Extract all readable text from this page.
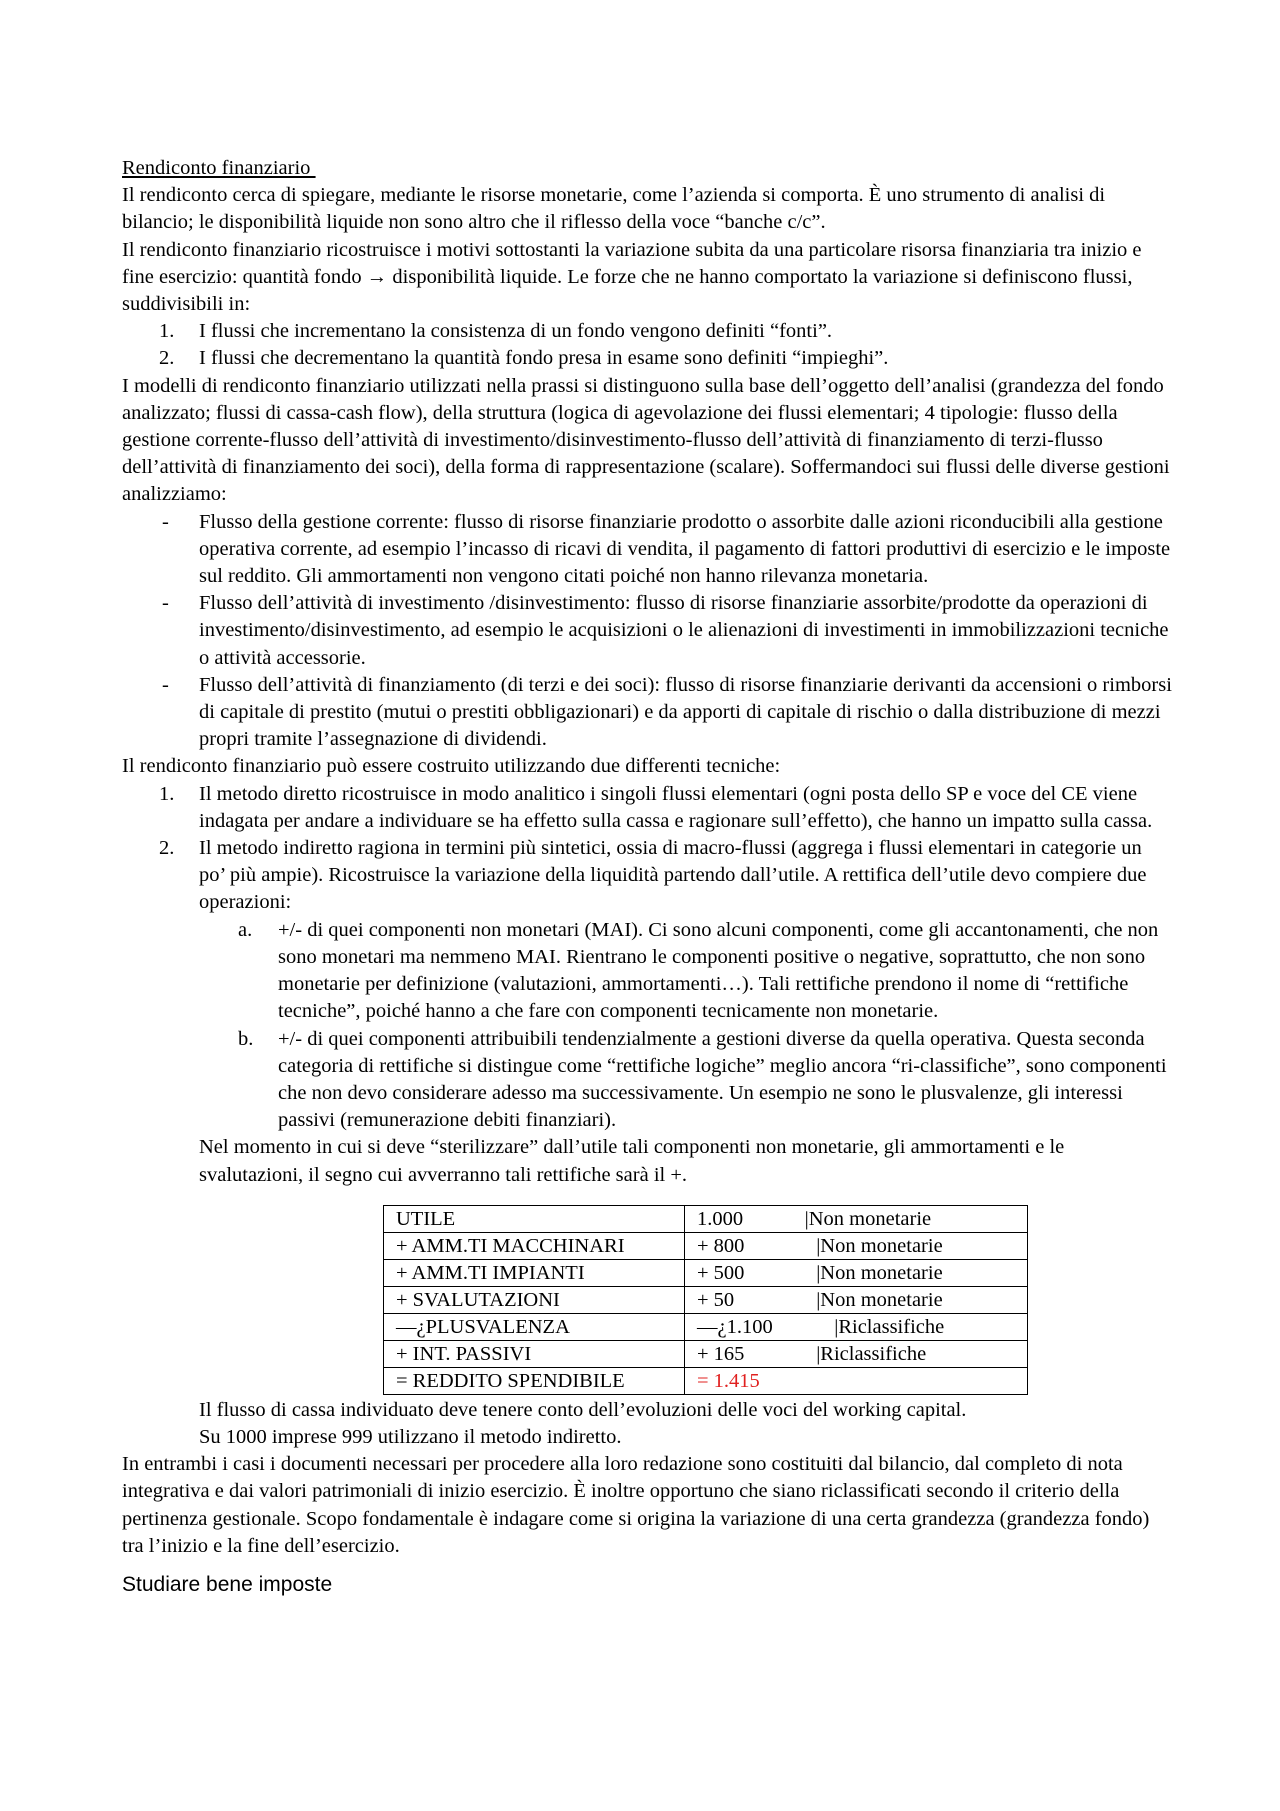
Rendiconto finanziario

Il rendiconto cerca di spiegare, mediante le risorse monetarie, come l’azienda si comporta. È uno strumento di analisi di bilancio; le disponibilità liquide non sono altro che il riflesso della voce “banche c/c”.

Il rendiconto finanziario ricostruisce i motivi sottostanti la variazione subita da una particolare risorsa finanziaria tra inizio e fine esercizio: quantità fondo → disponibilità liquide. Le forze che ne hanno comportato la variazione si definiscono flussi, suddivisibili in:

1. I flussi che incrementano la consistenza di un fondo vengono definiti “fonti”.
2. I flussi che decrementano la quantità fondo presa in esame sono definiti “impieghi”.

I modelli di rendiconto finanziario utilizzati nella prassi si distinguono sulla base dell’oggetto dell’analisi (grandezza del fondo analizzato; flussi di cassa-cash flow), della struttura (logica di agevolazione dei flussi elementari; 4 tipologie: flusso della gestione corrente-flusso dell’attività di investimento/disinvestimento-flusso dell’attività di finanziamento di terzi-flusso dell’attività di finanziamento dei soci), della forma di rappresentazione (scalare). Soffermandoci sui flussi delle diverse gestioni analizziamo:

- Flusso della gestione corrente: flusso di risorse finanziarie prodotto o assorbite dalle azioni riconducibili alla gestione operativa corrente, ad esempio l’incasso di ricavi di vendita, il pagamento di fattori produttivi di esercizio e le imposte sul reddito. Gli ammortamenti non vengono citati poiché non hanno rilevanza monetaria.
- Flusso dell’attività di investimento /disinvestimento: flusso di risorse finanziarie assorbite/prodotte da operazioni di investimento/disinvestimento, ad esempio le acquisizioni o le alienazioni di investimenti in immobilizzazioni tecniche o attività accessorie.
- Flusso dell’attività di finanziamento (di terzi e dei soci): flusso di risorse finanziarie derivanti da accensioni o rimborsi di capitale di prestito (mutui o prestiti obbligazionari) e da apporti di capitale di rischio o dalla distribuzione di mezzi propri tramite l’assegnazione di dividendi.

Il rendiconto finanziario può essere costruito utilizzando due differenti tecniche:

1. Il metodo diretto ricostruisce in modo analitico i singoli flussi elementari (ogni posta dello SP e voce del CE viene indagata per andare a individuare se ha effetto sulla cassa e ragionare sull’effetto), che hanno un impatto sulla cassa.
2. Il metodo indiretto ragiona in termini più sintetici, ossia di macro-flussi (aggrega i flussi elementari in categorie un po’ più ampie). Ricostruisce la variazione della liquidità partendo dall’utile. A rettifica dell’utile devo compiere due operazioni:
a. +/- di quei componenti non monetari (MAI). Ci sono alcuni componenti, come gli accantonamenti, che non sono monetari ma nemmeno MAI. Rientrano le componenti positive o negative, soprattutto, che non sono monetarie per definizione (valutazioni, ammortamenti…). Tali rettifiche prendono il nome di “rettifiche tecniche”, poiché hanno a che fare con componenti tecnicamente non monetarie.
b. +/- di quei componenti attribuibili tendenzialmente a gestioni diverse da quella operativa. Questa seconda categoria di rettifiche si distingue come “rettifiche logiche” meglio ancora “ri-classifiche”, sono componenti che non devo considerare adesso ma successivamente. Un esempio ne sono le plusvalenze, gli interessi passivi (remunerazione debiti finanziari).

Nel momento in cui si deve “sterilizzare” dall’utile tali componenti non monetarie, gli ammortamenti e le svalutazioni, il segno cui avverranno tali rettifiche sarà il +.

UTILE	1.000 |Non monetarie
+ AMM.TI MACCHINARI	+ 800 |Non monetarie
+ AMM.TI IMPIANTI	+ 500 |Non monetarie
+ SVALUTAZIONI	+ 50 |Non monetarie
—¿PLUSVALENZA	—¿1.100 |Riclassifiche
+ INT. PASSIVI	+ 165 |Riclassifiche
= REDDITO SPENDIBILE	= 1.415

Il flusso di cassa individuato deve tenere conto dell’evoluzioni delle voci del working capital.

Su 1000 imprese 999 utilizzano il metodo indiretto.

In entrambi i casi i documenti necessari per procedere alla loro redazione sono costituiti dal bilancio, dal completo di nota integrativa e dai valori patrimoniali di inizio esercizio. È inoltre opportuno che siano riclassificati secondo il criterio della pertinenza gestionale. Scopo fondamentale è indagare come si origina la variazione di una certa grandezza (grandezza fondo) tra l’inizio e la fine dell’esercizio.

Studiare bene imposte
